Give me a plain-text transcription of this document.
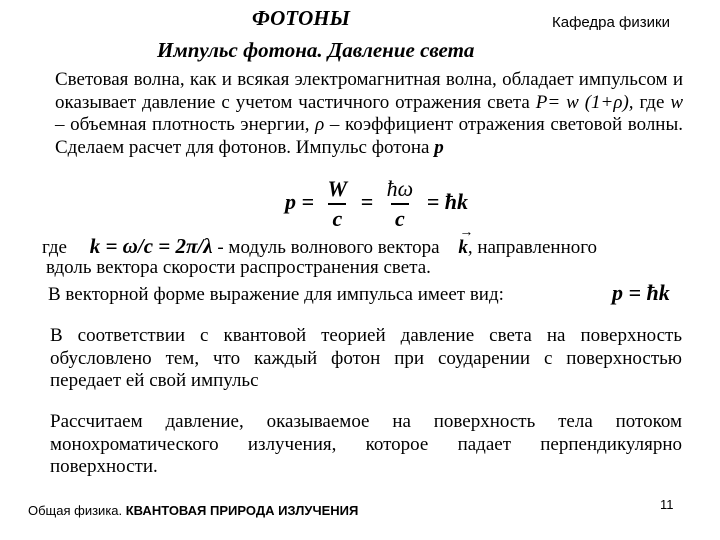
ФОТОНЫ	Кафедра физики
Импульс фотона. Давление света
Световая волна, как и всякая электромагнитная волна, обладает импульсом и оказывает давление с учетом частичного отражения света P= w (1+ρ), где w – объемная плотность энергии, ρ – коэффициент отражения световой волны. Сделаем расчет для фотонов. Импульс фотона p
$p = \frac{W}{c} = \frac{ħ\omega}{c}$ = ħk
где k = ω/c = 2π/λ - модуль волнового вектора → k, направленного
вдоль вектора скорости распространения света.
В векторной форме выражение для импульса имеет вид:	p = ħk
В соответствии с квантовой теорией давление света на поверхность обусловлено тем, что каждый фотон при соударении с поверхностью передает ей свой импульс
Рассчитаем давление, оказываемое на поверхность тела потоком монохроматического излучения, которое падает перпендикулярно поверхности.
Общая физика. КВАНТОВАЯ ПРИРОДА ИЗЛУЧЕНИЯ	11
